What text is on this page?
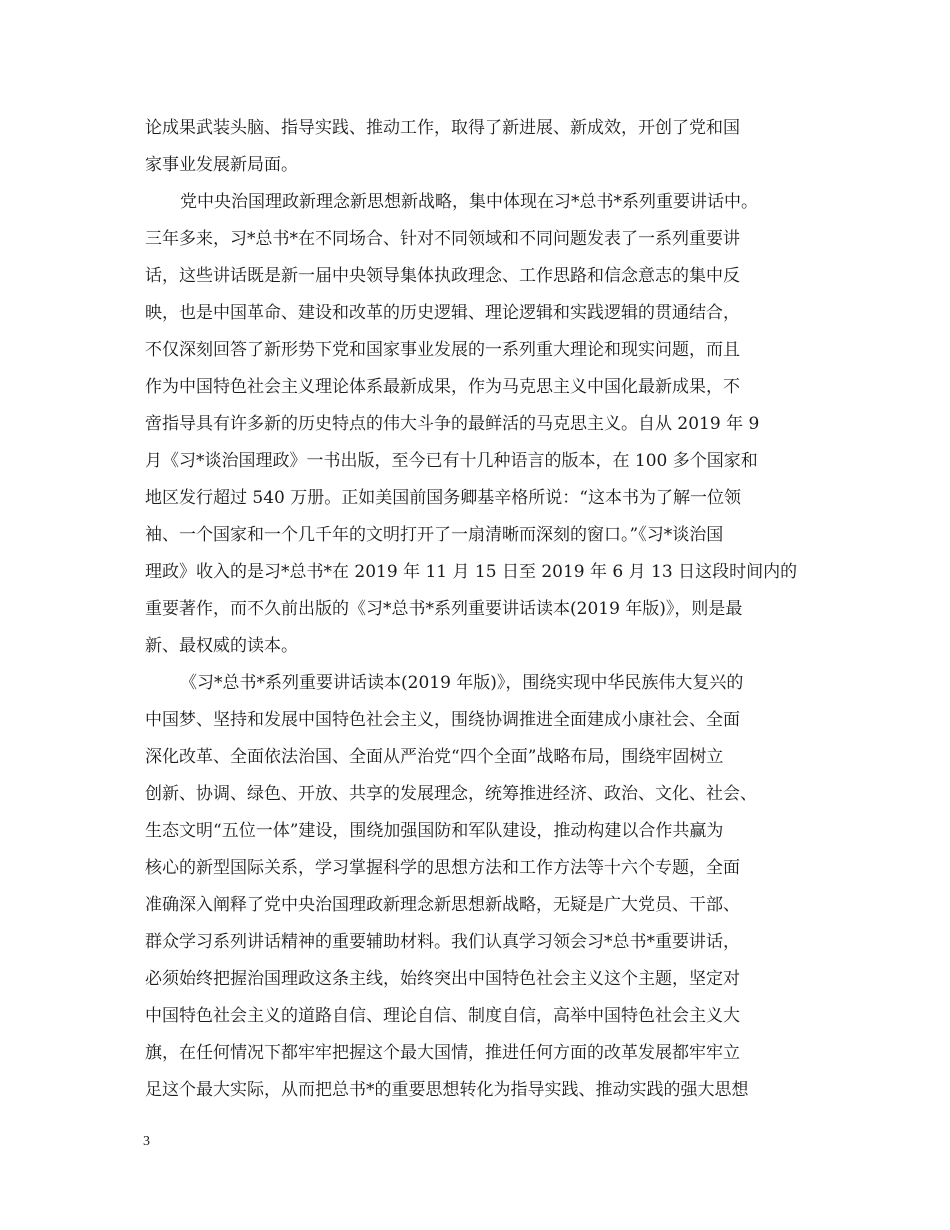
论成果武装头脑、指导实践、推动工作，取得了新进展、新成效，开创了党和国
家事业发展新局面。
党中央治国理政新理念新思想新战略，集中体现在习*总书*系列重要讲话中。
三年多来，习*总书*在不同场合、针对不同领域和不同问题发表了一系列重要讲
话，这些讲话既是新一届中央领导集体执政理念、工作思路和信念意志的集中反
映，也是中国革命、建设和改革的历史逻辑、理论逻辑和实践逻辑的贯通结合，
不仅深刻回答了新形势下党和国家事业发展的一系列重大理论和现实问题，而且
作为中国特色社会主义理论体系最新成果，作为马克思主义中国化最新成果，不
啻指导具有许多新的历史特点的伟大斗争的最鲜活的马克思主义。自从 2019 年 9
月《习*谈治国理政》一书出版，至今已有十几种语言的版本，在 100 多个国家和
地区发行超过 540 万册。正如美国前国务卿基辛格所说：“这本书为了解一位领
袖、一个国家和一个几千年的文明打开了一扇清晰而深刻的窗口。”《习*谈治国
理政》收入的是习*总书*在 2019 年 11 月 15 日至 2019 年 6 月 13 日这段时间内的
重要著作，而不久前出版的《习*总书*系列重要讲话读本(2019 年版)》，则是最
新、最权威的读本。
《习*总书*系列重要讲话读本(2019 年版)》，围绕实现中华民族伟大复兴的
中国梦、坚持和发展中国特色社会主义，围绕协调推进全面建成小康社会、全面
深化改革、全面依法治国、全面从严治党“四个全面”战略布局，围绕牢固树立
创新、协调、绿色、开放、共享的发展理念，统筹推进经济、政治、文化、社会、
生态文明“五位一体”建设，围绕加强国防和军队建设，推动构建以合作共赢为
核心的新型国际关系，学习掌握科学的思想方法和工作方法等十六个专题，全面
准确深入阐释了党中央治国理政新理念新思想新战略，无疑是广大党员、干部、
群众学习系列讲话精神的重要辅助材料。我们认真学习领会习*总书*重要讲话，
必须始终把握治国理政这条主线，始终突出中国特色社会主义这个主题，坚定对
中国特色社会主义的道路自信、理论自信、制度自信，高举中国特色社会主义大
旗，在任何情况下都牢牢把握这个最大国情，推进任何方面的改革发展都牢牢立
足这个最大实际，从而把总书*的重要思想转化为指导实践、推动实践的强大思想
3
